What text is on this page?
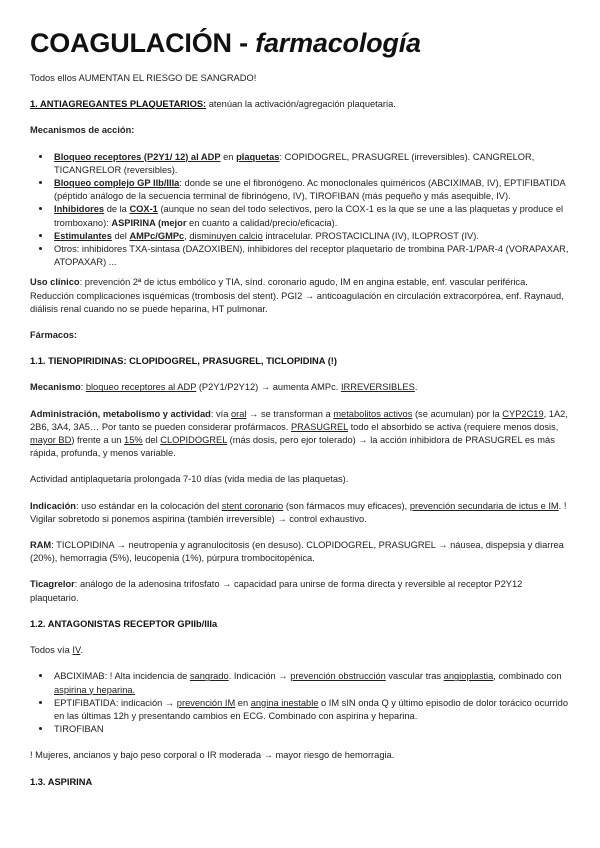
COAGULACIÓN - farmacología

Todos ellos AUMENTAN EL RIESGO DE SANGRADO!

1. ANTIAGREGANTES PLAQUETARIOS: atenúan la activación/agregación plaquetaria.

Mecanismos de acción:

• Bloqueo receptores (P2Y1/ 12) al ADP en plaquetas: COPIDOGREL, PRASUGREL (irreversibles). CANGRELOR, TICANGRELOR (reversibles).
• Bloqueo complejo GP IIb/IIIa: donde se une el fibronógeno. Ac monoclonales quiméricos (ABCIXIMAB, IV), EPTIFIBATIDA (péptido análogo de la secuencia terminal de fibrinógeno, IV), TIROFIBAN (más pequeño y más asequible, IV).
• Inhibidores de la COX-1 (aunque no sean del todo selectivos, pero la COX-1 es la que se une a las plaquetas y produce el tromboxano): ASPIRINA (mejor en cuanto a calidad/precio/eficacia).
• Estimulantes del AMPc/GMPc, disminuyen calcio intracelular. PROSTACICLINA (IV), ILOPROST (IV).
• Otros: inhibidores TXA-sintasa (DAZOXIBEN), inhibidores del receptor plaquetario de trombina PAR-1/PAR-4 (VORAPAXAR, ATOPAXAR) ...

Uso clínico: prevención 2ª de ictus embólico y TIA, sínd. coronario agudo, IM en angina estable, enf. vascular periférica. Reducción complicaciones isquémicas (trombosis del stent). PGI2 → anticoagulación en circulación extracorpórea, enf. Raynaud, diálisis renal cuando no se puede heparina, HT pulmonar.

Fármacos:

1.1. TIENOPIRIDINAS: CLOPIDOGREL, PRASUGREL, TICLOPIDINA (!)

Mecanismo: bloqueo receptores al ADP (P2Y1/P2Y12) → aumenta AMPc. IRREVERSIBLES.

Administración, metabolismo y actividad: vía oral → se transforman a metabolitos activos (se acumulan) por la CYP2C19, 1A2, 2B6, 3A4, 3A5… Por tanto se pueden considerar profármacos. PRASUGREL todo el absorbido se activa (requiere menos dosis, mayor BD) frente a un 15% del CLOPIDOGREL (más dosis, pero ejor tolerado) → la acción inhibidora de PRASUGREL es más rápida, profunda, y menos variable.

Actividad antiplaquetaria prolongada 7-10 días (vida media de las plaquetas).

Indicación: uso estándar en la colocación del stent coronario (son fármacos muy eficaces), prevención secundaria de ictus e IM. ! Vigilar sobretodo si ponemos aspirina (también irreversible) → control exhaustivo.

RAM: TICLOPIDINA → neutropenia y agranulocitosis (en desuso). CLOPIDOGREL, PRASUGREL → náusea, dispepsia y diarrea (20%), hemorragia (5%), leucopenia (1%), púrpura trombocitopénica.

Ticagrelor: análogo de la adenosina trifosfato → capacidad para unirse de forma directa y reversible al receptor P2Y12 plaquetario.

1.2. ANTAGONISTAS RECEPTOR GPIIb/IIIa

Todos vía IV.

• ABCIXIMAB: ! Alta incidencia de sangrado. Indicación → prevención obstrucción vascular tras angioplastia, combinado con aspirina y heparina.
• EPTIFIBATIDA: indicación → prevención IM en angina inestable o IM sIN onda Q y último episodio de dolor torácico ocurrido en las últimas 12h y presentando cambios en ECG. Combinado con aspirina y heparina.
• TIROFIBAN

! Mujeres, ancianos y bajo peso corporal o IR moderada → mayor riesgo de hemorragia.

1.3. ASPIRINA
